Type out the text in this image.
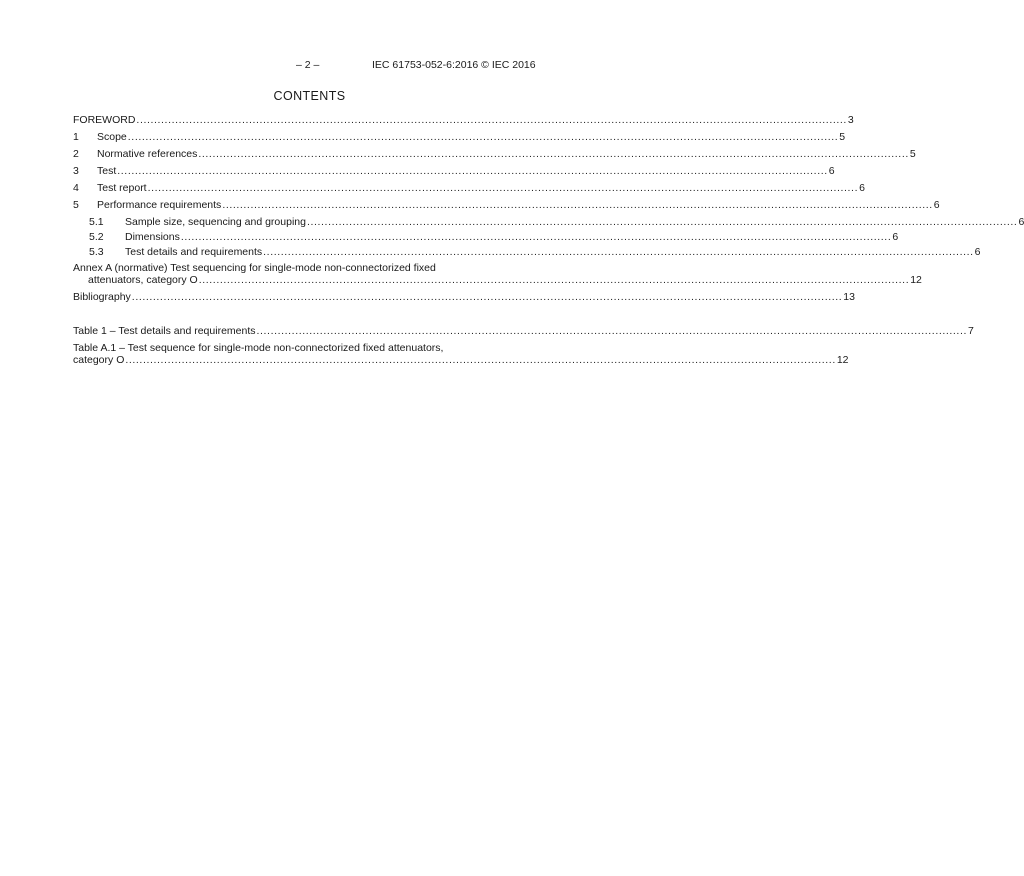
– 2 –	IEC 61753-052-6:2016 © IEC 2016
CONTENTS
FOREWORD .......................................................................................................................................................................................................... 3
1 Scope .......................................................................................................................................................................................................... 5
2 Normative references .......................................................................................................................................................................................................... 5
3 Test .......................................................................................................................................................................................................... 6
4 Test report .......................................................................................................................................................................................................... 6
5 Performance requirements .......................................................................................................................................................................................................... 6
5.1 Sample size, sequencing and grouping .......................................................................................................................................................................................................... 6
5.2 Dimensions .......................................................................................................................................................................................................... 6
5.3 Test details and requirements .......................................................................................................................................................................................................... 6
Annex A (normative) Test sequencing for single-mode non-connectorized fixed
attenuators, category O .......................................................................................................................................................................................................... 12
Bibliography .......................................................................................................................................................................................................... 13
Table 1 – Test details and requirements .......................................................................................................................................................................................................... 7
Table A.1 – Test sequence for single-mode non-connectorized fixed attenuators,
category O .......................................................................................................................................................................................................... 12
